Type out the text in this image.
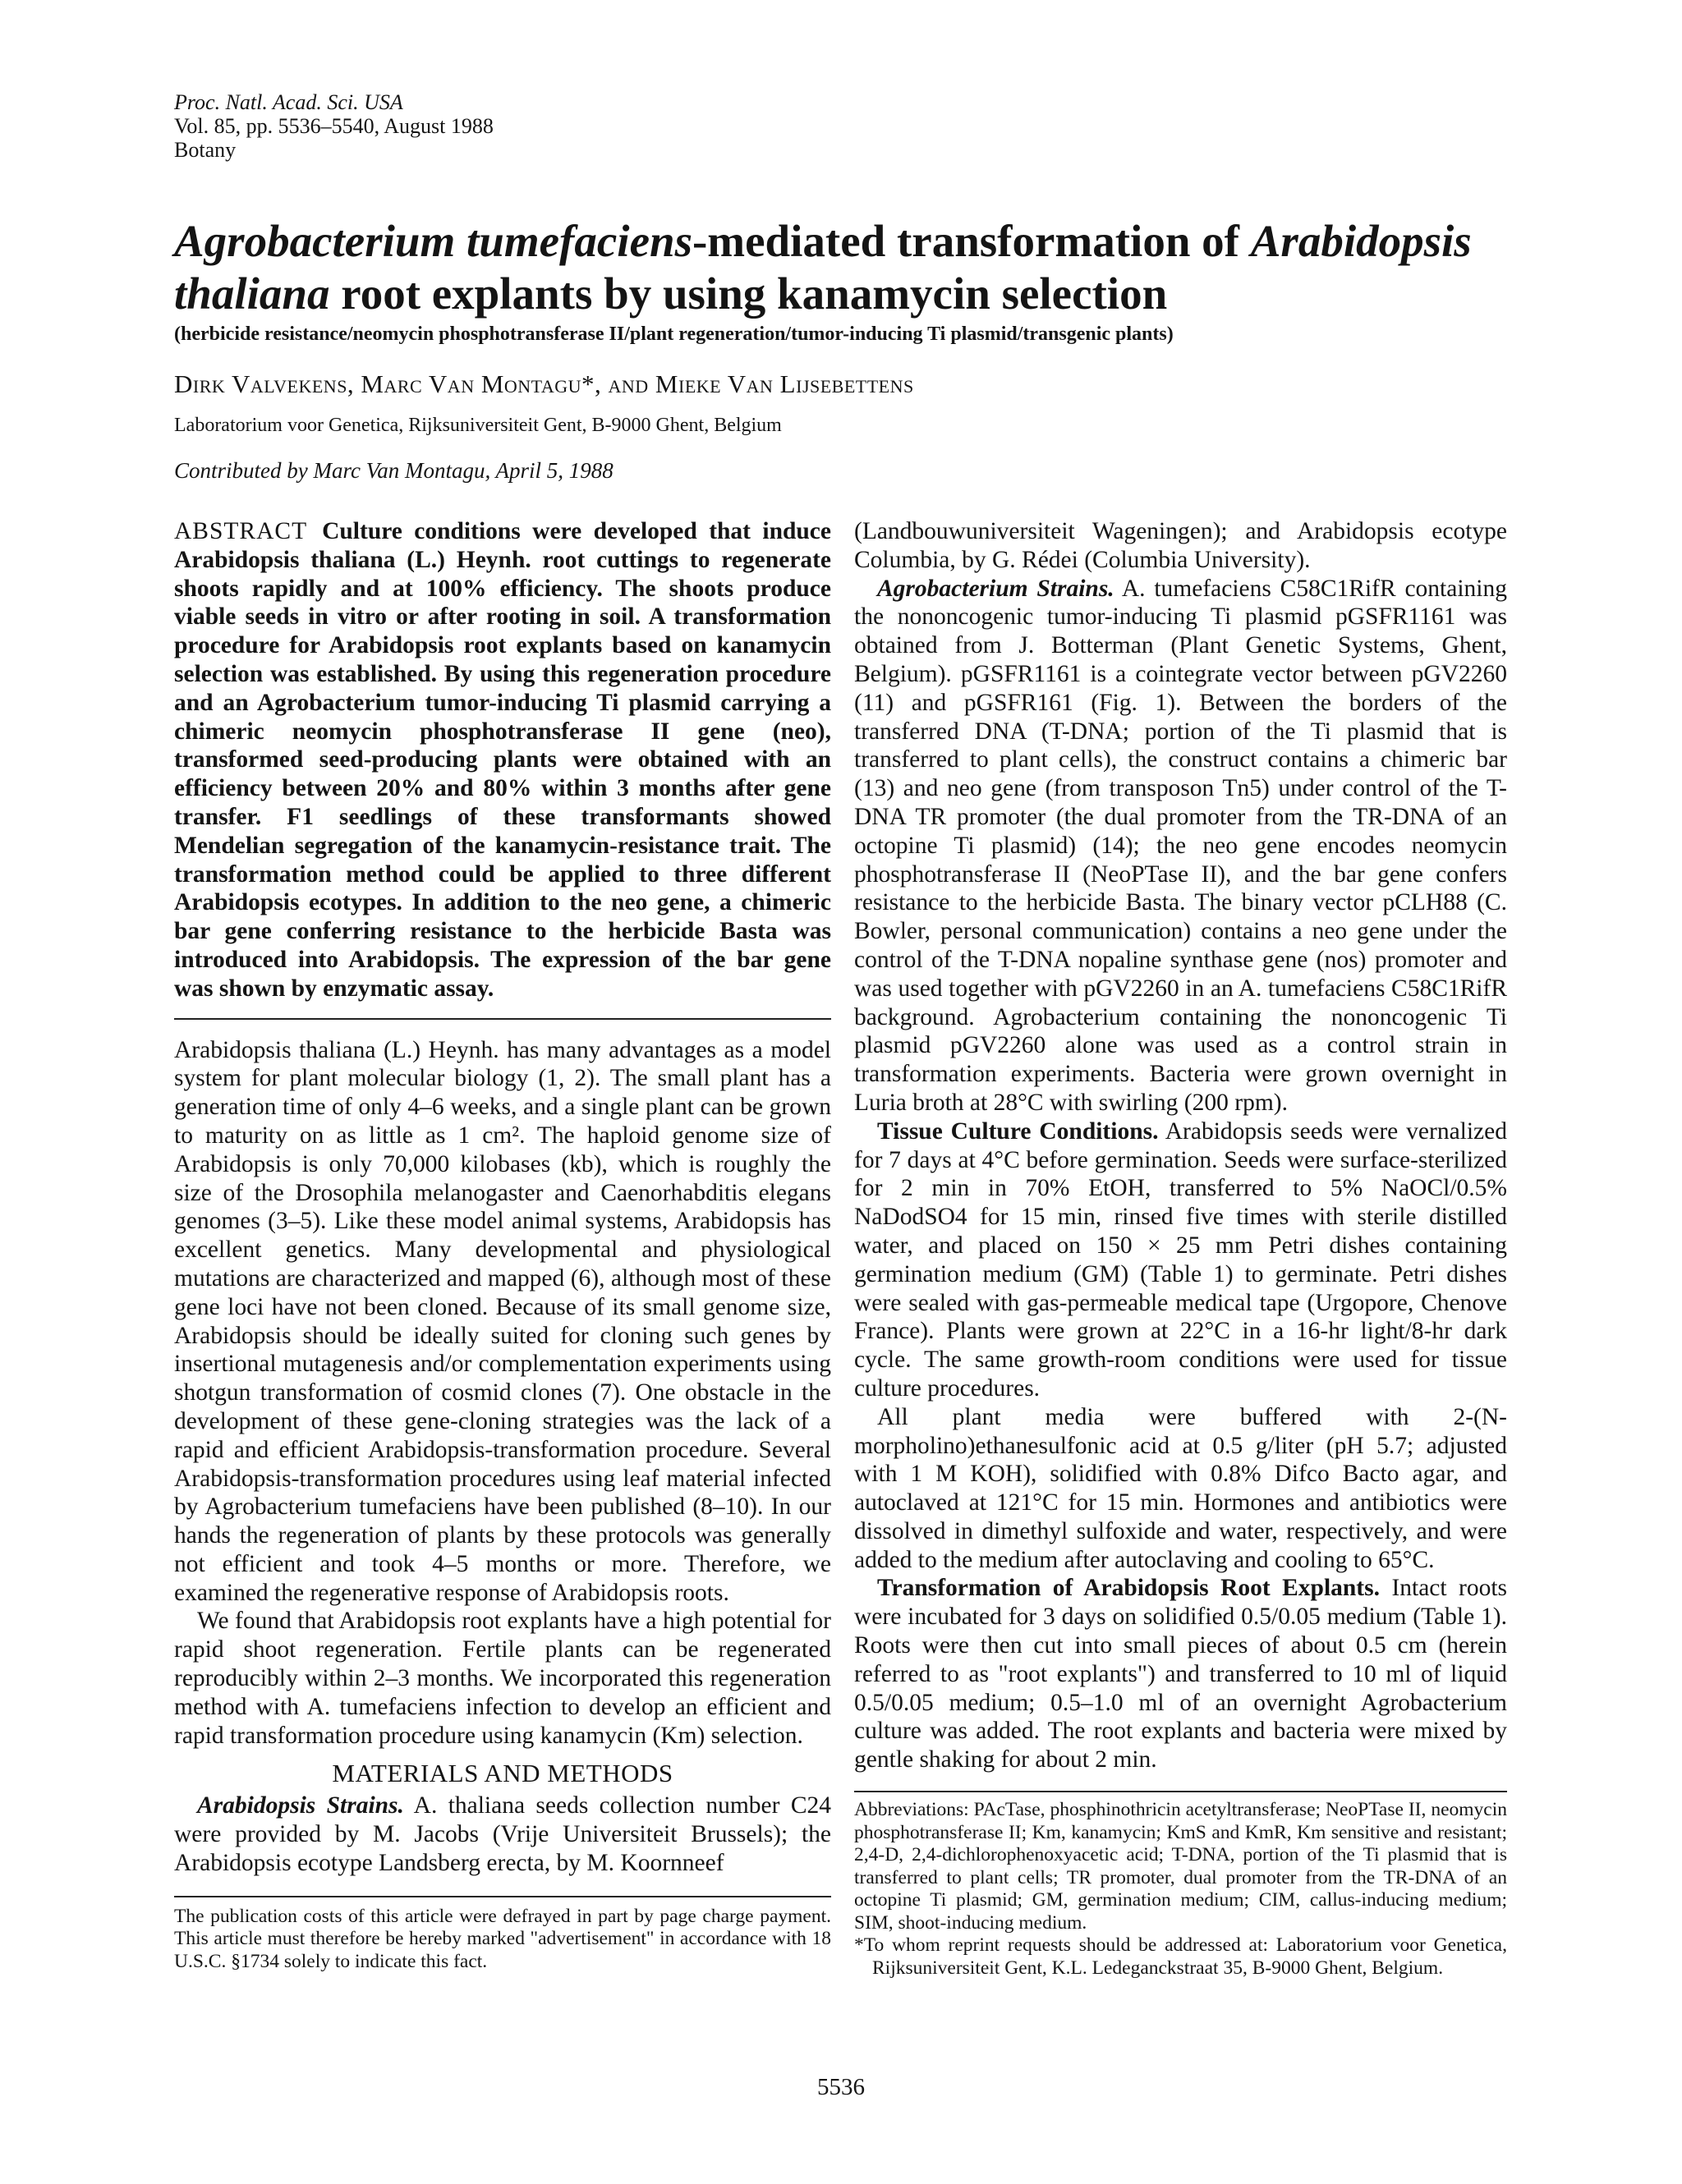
Proc. Natl. Acad. Sci. USA
Vol. 85, pp. 5536–5540, August 1988
Botany
Agrobacterium tumefaciens-mediated transformation of Arabidopsis thaliana root explants by using kanamycin selection
(herbicide resistance/neomycin phosphotransferase II/plant regeneration/tumor-inducing Ti plasmid/transgenic plants)
Dirk Valvekens, Marc Van Montagu*, and Mieke Van Lijsebettens
Laboratorium voor Genetica, Rijksuniversiteit Gent, B-9000 Ghent, Belgium
Contributed by Marc Van Montagu, April 5, 1988

ABSTRACT Culture conditions were developed that induce Arabidopsis thaliana (L.) Heynh. root cuttings to regenerate shoots rapidly and at 100% efficiency. The shoots produce viable seeds in vitro or after rooting in soil. A transformation procedure for Arabidopsis root explants based on kanamycin selection was established. By using this regeneration procedure and an Agrobacterium tumor-inducing Ti plasmid carrying a chimeric neomycin phosphotransferase II gene (neo), transformed seed-producing plants were obtained with an efficiency between 20% and 80% within 3 months after gene transfer. F1 seedlings of these transformants showed Mendelian segregation of the kanamycin-resistance trait. The transformation method could be applied to three different Arabidopsis ecotypes. In addition to the neo gene, a chimeric bar gene conferring resistance to the herbicide Basta was introduced into Arabidopsis. The expression of the bar gene was shown by enzymatic assay.

Arabidopsis thaliana (L.) Heynh. has many advantages as a model system for plant molecular biology (1, 2). The small plant has a generation time of only 4–6 weeks, and a single plant can be grown to maturity on as little as 1 cm². The haploid genome size of Arabidopsis is only 70,000 kilobases (kb), which is roughly the size of the Drosophila melanogaster and Caenorhabditis elegans genomes (3–5). Like these model animal systems, Arabidopsis has excellent genetics. Many developmental and physiological mutations are characterized and mapped (6), although most of these gene loci have not been cloned. Because of its small genome size, Arabidopsis should be ideally suited for cloning such genes by insertional mutagenesis and/or complementation experiments using shotgun transformation of cosmid clones (7). One obstacle in the development of these gene-cloning strategies was the lack of a rapid and efficient Arabidopsis-transformation procedure. Several Arabidopsis-transformation procedures using leaf material infected by Agrobacterium tumefaciens have been published (8–10). In our hands the regeneration of plants by these protocols was generally not efficient and took 4–5 months or more. Therefore, we examined the regenerative response of Arabidopsis roots.

We found that Arabidopsis root explants have a high potential for rapid shoot regeneration. Fertile plants can be regenerated reproducibly within 2–3 months. We incorporated this regeneration method with A. tumefaciens infection to develop an efficient and rapid transformation procedure using kanamycin (Km) selection.

MATERIALS AND METHODS

Arabidopsis Strains. A. thaliana seeds collection number C24 were provided by M. Jacobs (Vrije Universiteit Brussels); the Arabidopsis ecotype Landsberg erecta, by M. Koornneef

The publication costs of this article were defrayed in part by page charge payment. This article must therefore be hereby marked "advertisement" in accordance with 18 U.S.C. §1734 solely to indicate this fact.

(Landbouwuniversiteit Wageningen); and Arabidopsis ecotype Columbia, by G. Rédei (Columbia University).

Agrobacterium Strains. A. tumefaciens C58C1RifR containing the nononcogenic tumor-inducing Ti plasmid pGSFR1161 was obtained from J. Botterman (Plant Genetic Systems, Ghent, Belgium). pGSFR1161 is a cointegrate vector between pGV2260 (11) and pGSFR161 (Fig. 1). Between the borders of the transferred DNA (T-DNA; portion of the Ti plasmid that is transferred to plant cells), the construct contains a chimeric bar (13) and neo gene (from transposon Tn5) under control of the T-DNA TR promoter (the dual promoter from the TR-DNA of an octopine Ti plasmid) (14); the neo gene encodes neomycin phosphotransferase II (NeoPTase II), and the bar gene confers resistance to the herbicide Basta. The binary vector pCLH88 (C. Bowler, personal communication) contains a neo gene under the control of the T-DNA nopaline synthase gene (nos) promoter and was used together with pGV2260 in an A. tumefaciens C58C1RifR background. Agrobacterium containing the nononcogenic Ti plasmid pGV2260 alone was used as a control strain in transformation experiments. Bacteria were grown overnight in Luria broth at 28°C with swirling (200 rpm).

Tissue Culture Conditions. Arabidopsis seeds were vernalized for 7 days at 4°C before germination. Seeds were surface-sterilized for 2 min in 70% EtOH, transferred to 5% NaOCl/0.5% NaDodSO4 for 15 min, rinsed five times with sterile distilled water, and placed on 150 × 25 mm Petri dishes containing germination medium (GM) (Table 1) to germinate. Petri dishes were sealed with gas-permeable medical tape (Urgopore, Chenove France). Plants were grown at 22°C in a 16-hr light/8-hr dark cycle. The same growth-room conditions were used for tissue culture procedures.

All plant media were buffered with 2-(N-morpholino)ethanesulfonic acid at 0.5 g/liter (pH 5.7; adjusted with 1 M KOH), solidified with 0.8% Difco Bacto agar, and autoclaved at 121°C for 15 min. Hormones and antibiotics were dissolved in dimethyl sulfoxide and water, respectively, and were added to the medium after autoclaving and cooling to 65°C.

Transformation of Arabidopsis Root Explants. Intact roots were incubated for 3 days on solidified 0.5/0.05 medium (Table 1). Roots were then cut into small pieces of about 0.5 cm (herein referred to as "root explants") and transferred to 10 ml of liquid 0.5/0.05 medium; 0.5–1.0 ml of an overnight Agrobacterium culture was added. The root explants and bacteria were mixed by gentle shaking for about 2 min.

Abbreviations: PAcTase, phosphinothricin acetyltransferase; NeoPTase II, neomycin phosphotransferase II; Km, kanamycin; KmS and KmR, Km sensitive and resistant; 2,4-D, 2,4-dichlorophenoxyacetic acid; T-DNA, portion of the Ti plasmid that is transferred to plant cells; TR promoter, dual promoter from the TR-DNA of an octopine Ti plasmid; GM, germination medium; CIM, callus-inducing medium; SIM, shoot-inducing medium.

*To whom reprint requests should be addressed at: Laboratorium voor Genetica, Rijksuniversiteit Gent, K.L. Ledeganckstraat 35, B-9000 Ghent, Belgium.

5536
